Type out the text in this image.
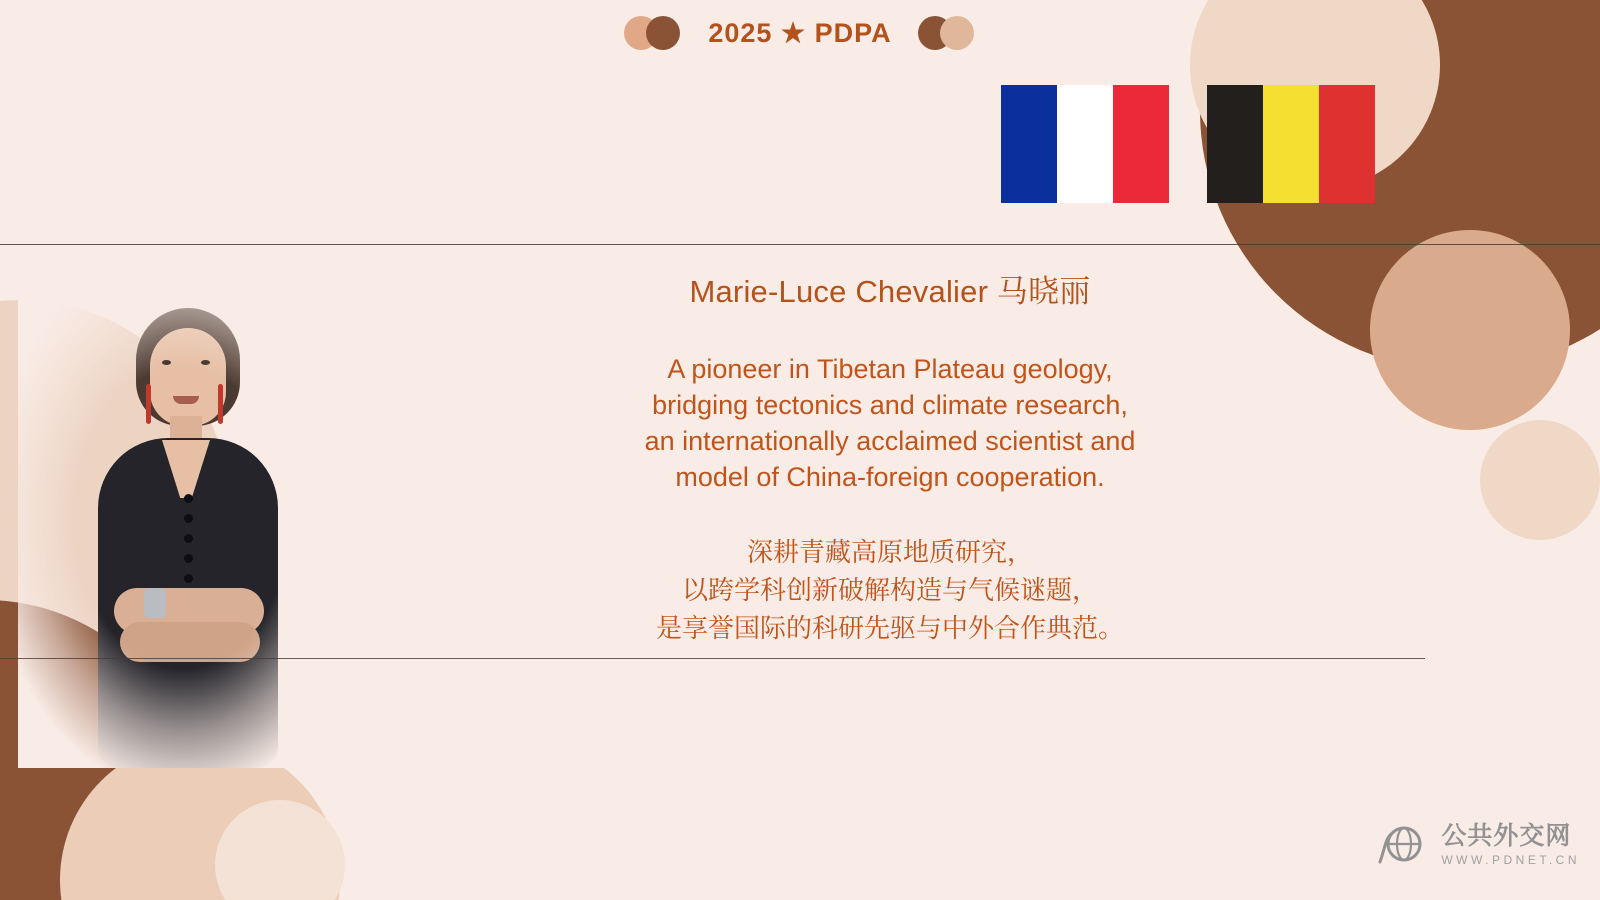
2025 ★ PDPA
Marie-Luce Chevalier 马晓丽
A pioneer in Tibetan Plateau geology,
bridging tectonics and climate research,
an internationally acclaimed scientist and
model of China-foreign cooperation.
深耕青藏高原地质研究，
以跨学科创新破解构造与气候谜题，
是享誉国际的科研先驱与中外合作典范。
公共外交网
WWW.PDNET.CN
